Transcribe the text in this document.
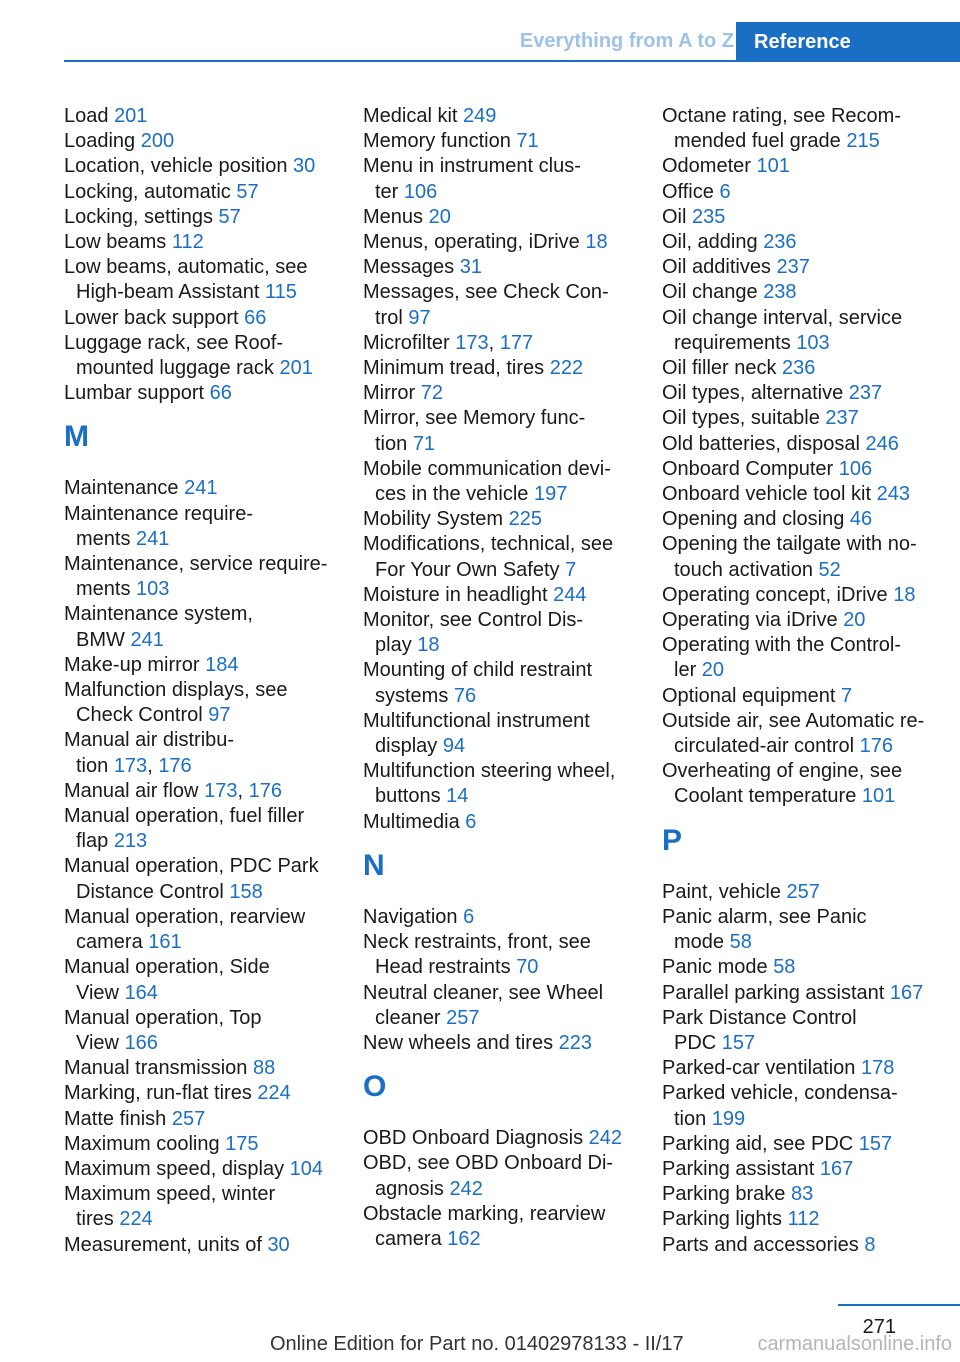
Everything from A to Z	Reference
Load 201
Loading 200
Location, vehicle position 30
Locking, automatic 57
Locking, settings 57
Low beams 112
Low beams, automatic, see
High-beam Assistant 115
Lower back support 66
Luggage rack, see Roof-
mounted luggage rack 201
Lumbar support 66
M
Maintenance 241
Maintenance require-
ments 241
Maintenance, service require-
ments 103
Maintenance system,
BMW 241
Make-up mirror 184
Malfunction displays, see
Check Control 97
Manual air distribu-
tion 173, 176
Manual air flow 173, 176
Manual operation, fuel filler
flap 213
Manual operation, PDC Park
Distance Control 158
Manual operation, rearview
camera 161
Manual operation, Side
View 164
Manual operation, Top
View 166
Manual transmission 88
Marking, run-flat tires 224
Matte finish 257
Maximum cooling 175
Maximum speed, display 104
Maximum speed, winter
tires 224
Measurement, units of 30
Medical kit 249
Memory function 71
Menu in instrument clus-
ter 106
Menus 20
Menus, operating, iDrive 18
Messages 31
Messages, see Check Con-
trol 97
Microfilter 173, 177
Minimum tread, tires 222
Mirror 72
Mirror, see Memory func-
tion 71
Mobile communication devi-
ces in the vehicle 197
Mobility System 225
Modifications, technical, see
For Your Own Safety 7
Moisture in headlight 244
Monitor, see Control Dis-
play 18
Mounting of child restraint
systems 76
Multifunctional instrument
display 94
Multifunction steering wheel,
buttons 14
Multimedia 6
N
Navigation 6
Neck restraints, front, see
Head restraints 70
Neutral cleaner, see Wheel
cleaner 257
New wheels and tires 223
O
OBD Onboard Diagnosis 242
OBD, see OBD Onboard Di-
agnosis 242
Obstacle marking, rearview
camera 162
Octane rating, see Recom-
mended fuel grade 215
Odometer 101
Office 6
Oil 235
Oil, adding 236
Oil additives 237
Oil change 238
Oil change interval, service
requirements 103
Oil filler neck 236
Oil types, alternative 237
Oil types, suitable 237
Old batteries, disposal 246
Onboard Computer 106
Onboard vehicle tool kit 243
Opening and closing 46
Opening the tailgate with no-
touch activation 52
Operating concept, iDrive 18
Operating via iDrive 20
Operating with the Control-
ler 20
Optional equipment 7
Outside air, see Automatic re-
circulated-air control 176
Overheating of engine, see
Coolant temperature 101
P
Paint, vehicle 257
Panic alarm, see Panic
mode 58
Panic mode 58
Parallel parking assistant 167
Park Distance Control
PDC 157
Parked-car ventilation 178
Parked vehicle, condensa-
tion 199
Parking aid, see PDC 157
Parking assistant 167
Parking brake 83
Parking lights 112
Parts and accessories 8
271
Online Edition for Part no. 01402978133 - II/17	carmanualsonline.info
